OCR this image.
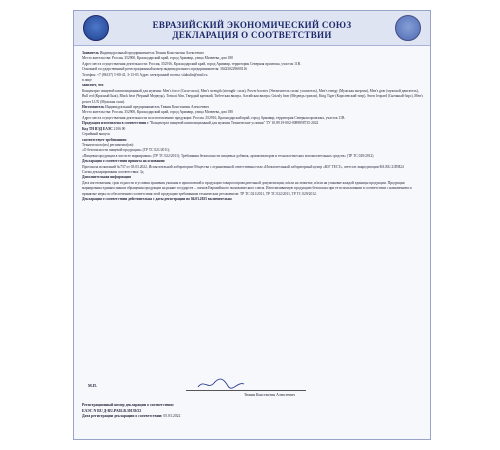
ЕВРАЗИЙСКИЙ ЭКОНОМИЧЕСКИЙ СОЮЗ
ДЕКЛАРАЦИЯ О СООТВЕТСТВИИ

Заявитель Индивидуальный предприниматель Тюнин Константин Алексеевич

Место жительства: Россия, 352900, Краснодарский край, город Армавир, улица Матвеева, дом 180

Адрес места осуществления деятельности: Россия, 352916, Краснодарский край, город Армавир, территория Северная промзона, участок 11В.

Основной государственный регистрационный номер индивидуального предпринимателя: 304230229600116

Телефон: +7 (86137) 5-80-41, 3-13-03 Адрес электронной почты: siiahulin@mail.ru

в лице

заявляет, что

Концентрат пищевой композиционный для мужчин: Men's force (Сила-сила), Men's strength (strength- сила), Power booster (Увеличитель силы/ усилитель), Men's energy (Мужская энергия), Men's gear (мужской двигатель), Bull red (Красный Бык), Black bear (Черный Медведь), Tomcat Alm, Твердый крепкий, Тибетская виагра, Алтайская виагра, Grizzly bear (Медведь гризли), King Tiger (Королевский тигр), Snow leopard (Снежный барс), Men's power LUX (Мужская сила).

Изготовитель Индивидуальный предприниматель Тюнин Константин Алексеевич

Место жительства: Россия, 352900, Краснодарский край, город Армавир, улица Матвеева, дом 180

Адрес места осуществления деятельности по изготовлению продукции: Россия ,352916, Краснодарский край, город Армавир, территория Северная промзона, участок 11В.

Продукция изготовлена в соответствии с "Концентрат пищевой композиционный для мужчин Технические условия" ТУ 10.89.19-002-0089858735-2022

Код ТН ВЭД ЕАЭС 2106 90

Серийный выпуск

соответствует требованиям

Технического(их) регламента(ов):

«О безопасности пищевой продукции» (ТР ТС 021/2011);

«Пищевая продукция в части ее маркировки» (ТР ТС 022/2011); Требования безопасности пищевых добавок, ароматизаторов и технологических вспомогательных средств» (ТР ТС 029/2012)

Декларация о соответствии принята на основании

Протокола испытаний №737 от 03.03.2022, Испытательной лаборатории Общества с ограниченной ответственностью «Испытательный лабораторный центр «ЮГ ТЕСТ», аттестат аккредитации RA.RU.21ПН24

Схема декларирования соответствия: 3д

Дополнительная информация

Дата изготовления, срок годности и условия хранения указаны в прилагаемой к продукции товаросопроводительной документации, и/или на этикетке, и/или на упаковке каждой единицы продукции. Продукция маркирована единым знаком обращения продукции на рынке государств – членов Евразийского экономического союза. Изготавливаемую продукцию безопасна при ее использовании в соответствии с назначением и принятые меры по обеспечению соответствия этой продукции требованиям технических регламентов: ТР ТС 021/2011, ТР ТС 022/2011, ТР ТС 029/2012.

Декларация о соответствии действительна с даты регистрации по 04.03.2025 включительно

М.П.
Тюнин Константин Алексеевич

Регистрационный номер декларации о соответствии:

ЕАЭС N RU Д-RU.PA02.B.30139/22

Дата регистрации декларации о соответствии: 05.03.2022
